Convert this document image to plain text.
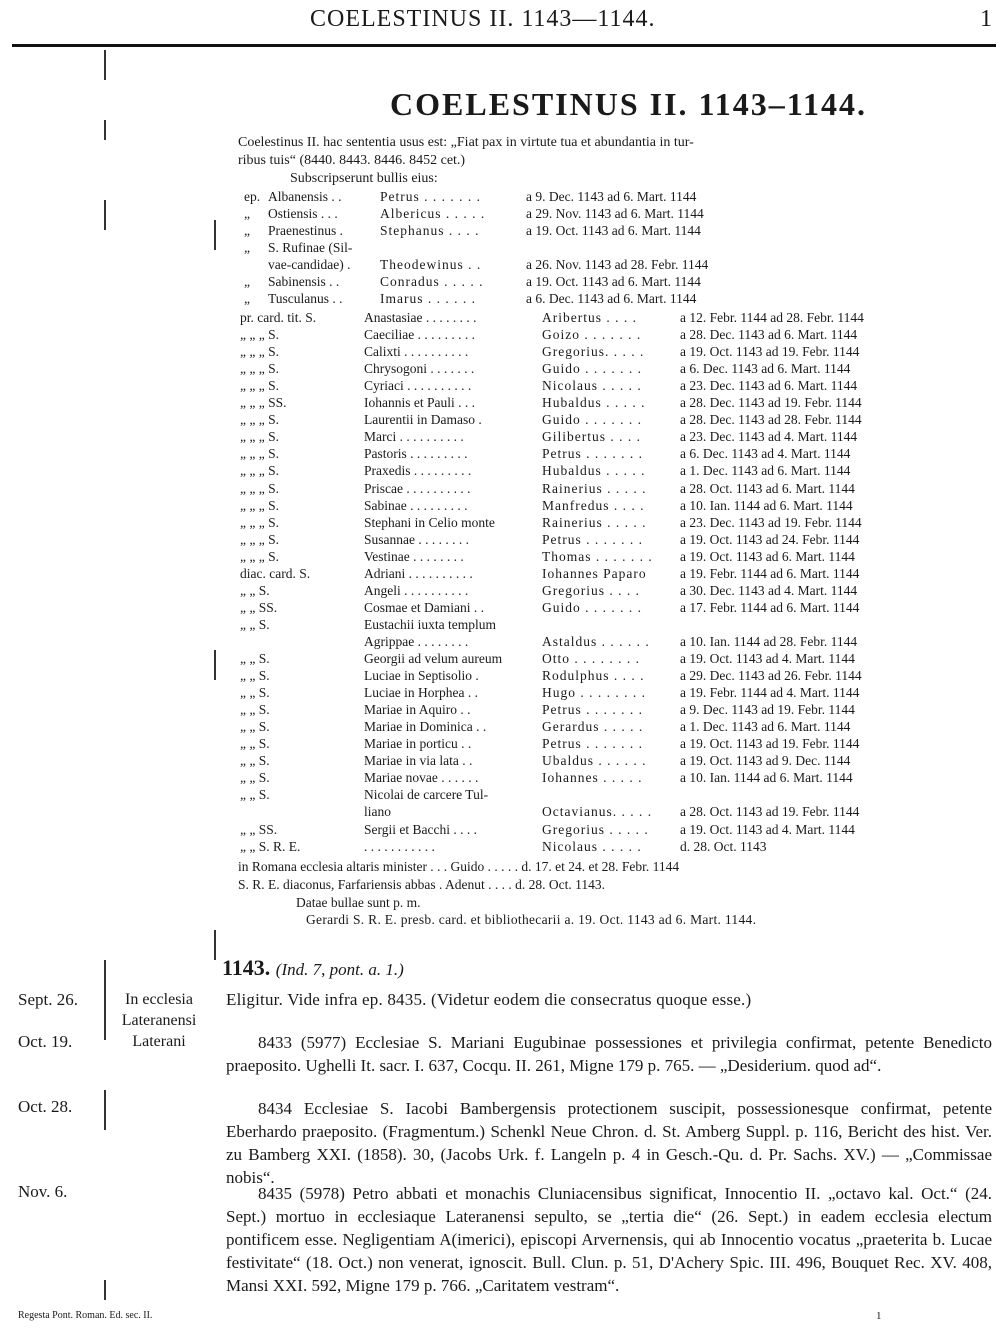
COELESTINUS II. 1143—1144.	1
COELESTINUS II. 1143–1144.
Coelestinus II. hac sententia usus est: „Fiat pax in virtute tua et abundantia in tur-
ribus tuis“ (8440. 8443. 8446. 8452 cet.)
Subscripserunt bullis eius:
ep. Albanensis . .	Petrus . . . . . . .	a 9. Dec. 1143 ad 6. Mart. 1144
„ Ostiensis . . .	Albericus . . . . .	a 29. Nov. 1143 ad 6. Mart. 1144
„ Praenestinus .	Stephanus . . . .	a 19. Oct. 1143 ad 6. Mart. 1144
„ S. Rufinae (Sil-
vae-candidae) . Theodewinus . .	a 26. Nov. 1143 ad 28. Febr. 1144
„ Sabinensis . .	Conradus . . . . .	a 19. Oct. 1143 ad 6. Mart. 1144
„ Tusculanus . .	Imarus . . . . . .	a 6. Dec. 1143 ad 6. Mart. 1144
pr. card. tit. S.	Anastasiae . . . . . . . .	Aribertus . . . .	a 12. Febr. 1144 ad 28. Febr. 1144
„ „ „ S.	Caeciliae . . . . . . . . .	Goizo . . . . . . .	a 28. Dec. 1143 ad 6. Mart. 1144
„ „ „ S.	Calixti . . . . . . . . . .	Gregorius. . . . .	a 19. Oct. 1143 ad 19. Febr. 1144
„ „ „ S.	Chrysogoni . . . . . . .	Guido . . . . . . .	a 6. Dec. 1143 ad 6. Mart. 1144
„ „ „ S.	Cyriaci . . . . . . . . . .	Nicolaus . . . . .	a 23. Dec. 1143 ad 6. Mart. 1144
„ „ „ SS.	Iohannis et Pauli . . .	Hubaldus . . . . .	a 28. Dec. 1143 ad 19. Febr. 1144
„ „ „ S.	Laurentii in Damaso .	Guido . . . . . . .	a 28. Dec. 1143 ad 28. Febr. 1144
„ „ „ S.	Marci . . . . . . . . . .	Gilibertus . . . .	a 23. Dec. 1143 ad 4. Mart. 1144
„ „ „ S.	Pastoris . . . . . . . . .	Petrus . . . . . . .	a 6. Dec. 1143 ad 4. Mart. 1144
„ „ „ S.	Praxedis . . . . . . . . .	Hubaldus . . . . .	a 1. Dec. 1143 ad 6. Mart. 1144
„ „ „ S.	Priscae . . . . . . . . . .	Rainerius . . . . . a 28. Oct. 1143 ad 6. Mart. 1144
„ „ „ S.	Sabinae . . . . . . . . .	Manfredus . . . .	a 10. Ian. 1144 ad 6. Mart. 1144
„ „ „ S.	Stephani in Celio monte	Rainerius . . . . . a 23. Dec. 1143 ad 19. Febr. 1144
„ „ „ S.	Susannae . . . . . . . .	Petrus . . . . . . .	a 19. Oct. 1143 ad 24. Febr. 1144
„ „ „ S.	Vestinae . . . . . . . .	Thomas . . . . . . . a 19. Oct. 1143 ad 6. Mart. 1144
diac. card. S.	Adriani . . . . . . . . . .	Iohannes Paparo a 19. Febr. 1144 ad 6. Mart. 1144
„ „ S.	Angeli . . . . . . . . . .	Gregorius . . . .	a 30. Dec. 1143 ad 4. Mart. 1144
„ „ SS.	Cosmae et Damiani . .	Guido . . . . . . .	a 17. Febr. 1144 ad 6. Mart. 1144
„ „ S.	Eustachii iuxta templum
Agrippae . . . . . . . .	Astaldus . . . . . . a 10. Ian. 1144 ad 28. Febr. 1144
„ „ S.	Georgii ad velum aureum	Otto . . . . . . . .	a 19. Oct. 1143 ad 4. Mart. 1144
„ „ S.	Luciae in Septisolio .	Rodulphus . . . .	a 29. Dec. 1143 ad 26. Febr. 1144
„ „ S.	Luciae in Horphea . .	Hugo . . . . . . . .	a 19. Febr. 1144 ad 4. Mart. 1144
„ „ S.	Mariae in Aquiro . .	Petrus . . . . . . .	a 9. Dec. 1143 ad 19. Febr. 1144
„ „ S.	Mariae in Dominica . .	Gerardus . . . . .	a 1. Dec. 1143 ad 6. Mart. 1144
„ „ S.	Mariae in porticu . .	Petrus . . . . . . .	a 19. Oct. 1143 ad 19. Febr. 1144
„ „ S.	Mariae in via lata . .	Ubaldus . . . . . . a 19. Oct. 1143 ad 9. Dec. 1144
„ „ S.	Mariae novae . . . . . .	Iohannes . . . . .	a 10. Ian. 1144 ad 6. Mart. 1144
„ „ S.	Nicolai de carcere Tul-
liano	Octavianus. . . . . a 28. Oct. 1143 ad 19. Febr. 1144
„ „ SS.	Sergii et Bacchi . . . .	Gregorius . . . . . a 19. Oct. 1143 ad 4. Mart. 1144
„ „ S. R. E.	. . . . . . . . . . .	Nicolaus . . . . .	d. 28. Oct. 1143
in Romana ecclesia altaris minister . . . Guido . . . . . d. 17. et 24. et 28. Febr. 1144
S. R. E. diaconus, Farfariensis abbas . Adenut . . . . d. 28. Oct. 1143.
Datae bullae sunt p. m.
Gerardi S. R. E. presb. card. et bibliothecarii a. 19. Oct. 1143 ad 6. Mart. 1144.
1143. (Ind. 7, pont. a. 1.)
Sept. 26.	In ecclesia Lateranensi
Eligitur. Vide infra ep. 8435. (Videtur eodem die consecratus quoque esse.)
Oct. 19.	Laterani	8433 (5977) Ecclesiae S. Mariani Eugubinae possessiones et privilegia confirmat, petente Benedicto praeposito. Ughelli It. sacr. I. 637, Cocqu. II. 261, Migne 179 p. 765. — „Desiderium. quod ad“.
Oct. 28.	8434 Ecclesiae S. Iacobi Bambergensis protectionem suscipit, possessionesque confirmat, petente Eberhardo praeposito. (Fragmentum.) Schenkl Neue Chron. d. St. Amberg Suppl. p. 116, Bericht des hist. Ver. zu Bamberg XXI. (1858). 30, (Jacobs Urk. f. Langeln p. 4 in Gesch.-Qu. d. Pr. Sachs. XV.) — „Commissae nobis“.
Nov. 6.	8435 (5978) Petro abbati et monachis Cluniacensibus significat, Innocentio II. „octavo kal. Oct.“ (24. Sept.) mortuo in ecclesiaque Lateranensi sepulto, se „tertia die“ (26. Sept.) in eadem ecclesia electum pontificem esse. Negligentiam A(imerici), episcopi Arvernensis, qui ab Innocentio vocatus „praeterita b. Lucae festivitate“ (18. Oct.) non venerat, ignoscit. Bull. Clun. p. 51, D'Achery Spic. III. 496, Bouquet Rec. XV. 408, Mansi XXI. 592, Migne 179 p. 766. „Caritatem vestram“.
Regesta Pont. Roman. Ed. sec. II.	1
